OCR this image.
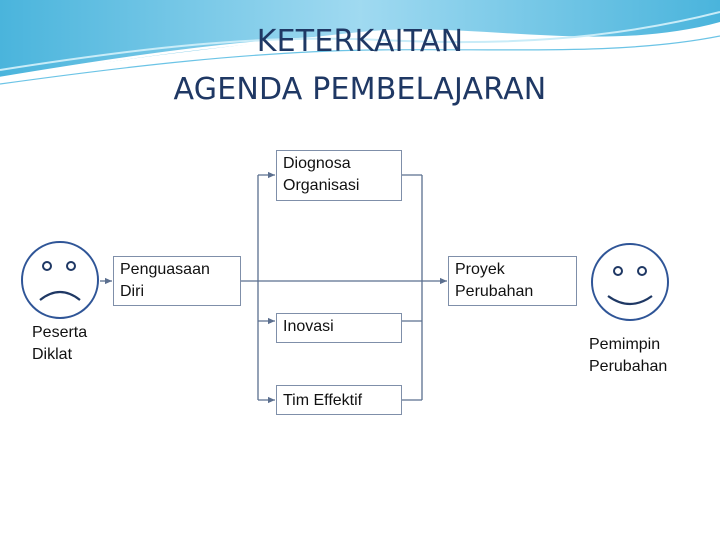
KETERKAITAN
AGENDA PEMBELAJARAN
Diognosa
Organisasi
Penguasaan
Diri
Proyek
Perubahan
Inovasi
Tim Effektif
Peserta
Diklat
Pemimpin
Perubahan
